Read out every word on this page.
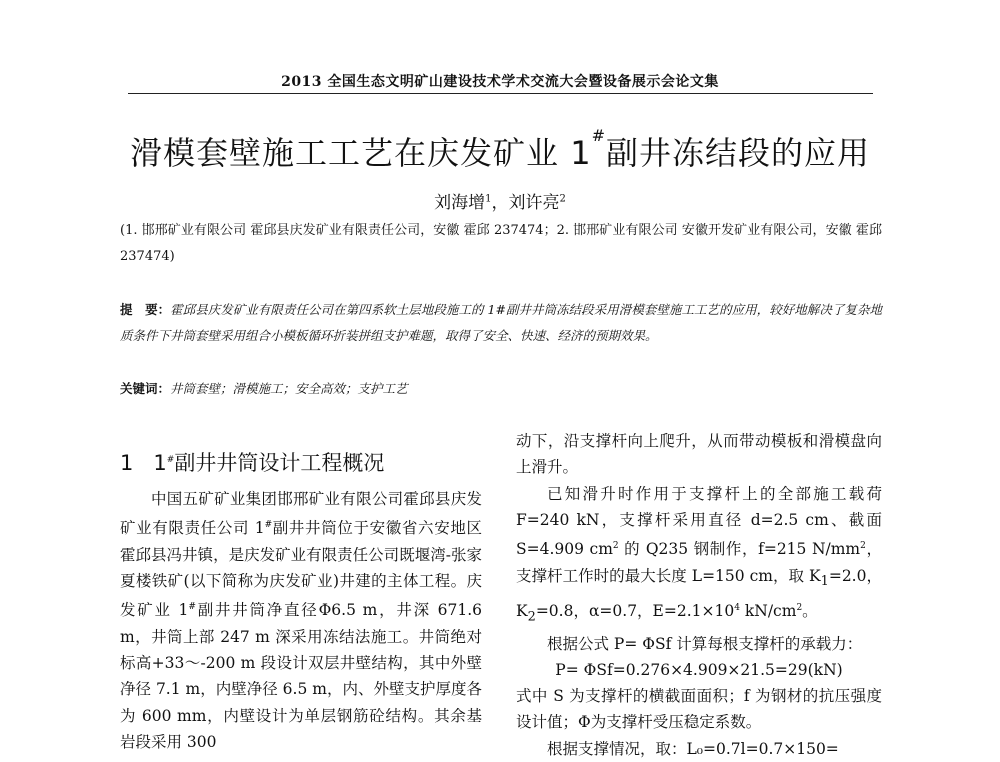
2013 全国生态文明矿山建设技术学术交流大会暨设备展示会论文集
滑模套壁施工工艺在庆发矿业 1#副井冻结段的应用
刘海增$^1$，刘许亮$^2$
(1. 邯邢矿业有限公司 霍邱县庆发矿业有限责任公司，安徽 霍邱 237474；2. 邯邢矿业有限公司 安徽开发矿业有限公司，安徽 霍邱 237474)
提　要：霍邱县庆发矿业有限责任公司在第四系软土层地段施工的 1#副井井筒冻结段采用滑模套壁施工工艺的应用，较好地解决了复杂地质条件下井筒套壁采用组合小模板循环折装拼组支护难题，取得了安全、快速、经济的预期效果。
关键词：井筒套壁；滑模施工；安全高效；支护工艺
1 1#副井井筒设计工程概况
中国五矿矿业集团邯邢矿业有限公司霍邱县庆发矿业有限责任公司 1#副井井筒位于安徽省六安地区霍邱县冯井镇，是庆发矿业有限责任公司既堰湾-张家夏楼铁矿(以下简称为庆发矿业)井建的主体工程。庆发矿业 1#副井井筒净直径Φ6.5 m，井深 671.6 m，井筒上部 247 m 深采用冻结法施工。井筒绝对标高+33～-200 m 段设计双层井壁结构，其中外壁净径 7.1 m，内壁净径 6.5 m，内、外壁支护厚度各为 600 mm，内壁设计为单层钢筋砼结构。其余基岩段采用 300

动下，沿支撑杆向上爬升，从而带动模板和滑模盘向上滑升。

已知滑升时作用于支撑杆上的全部施工载荷 F=240 kN，支撑杆采用直径 d=2.5 cm、截面 S=4.909 $cm^2$ 的 Q235 钢制作，f=215 $N/mm^2$，支撑杆工作时的最大长度 L=150 cm，取 $K_1=2.0$，$K_2=0.8$，α=0.7，$E=2.1\times 10^4$ $kN/cm^2$。

根据公式 P= ΦSf 计算每根支撑杆的承载力：

P= ΦSf=0.276×4.909×21.5=29(kN)

式中 S 为支撑杆的横截面面积；f 为钢材的抗压强度设计值；Φ为支撑杆受压稳定系数。

根据支撑情况，取：L₀=0.7l=0.7×150=
